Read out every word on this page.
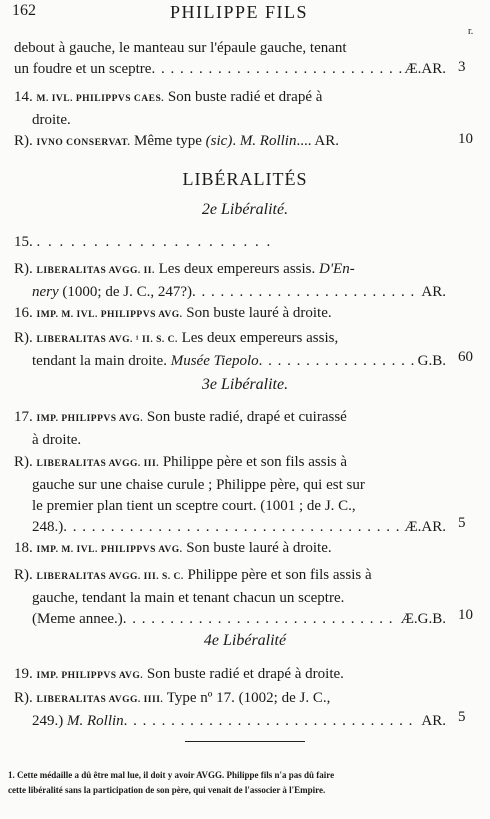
162	PHILIPPE FILS
r.
debout à gauche, le manteau sur l'épaule gauche, tenant
un foudre et un sceptre . . .	Æ.AR. 3
14. M. IVL. PHILIPPVS CAES. Son buste radié et drapé à
droite.
R). IVNO CONSERVAT. Même type (sic). M. Rollin.... AR.	10
LIBÉRALITÉS
2e Libéralité.
15. . . . . . . . . . . . . . . . . . . . . .
R). LIBERALITAS AVGG. II. Les deux empereurs assis. D'En-
nery (1000; de J. C., 247?) . . .	AR.
16. IMP. M. IVL. PHILIPPVS AVG. Son buste lauré à droite.
R). LIBERALITAS AVG. ¹ II. S. C. Les deux empereurs assis,
tendant la main droite. Musée Tiepolo . . .	G.B. 60
3e Libéralite.
17. IMP. PHILIPPVS AVG. Son buste radié, drapé et cuirassé
à droite.
R). LIBERALITAS AVGG. III. Philippe père et son fils assis à
gauche sur une chaise curule ; Philippe père, qui est sur
le premier plan tient un sceptre court. (1001 ; de J. C.,
248.) . . .	Æ.AR. 5
18. IMP. M. IVL. PHILIPPVS AVG. Son buste lauré à droite.
R). LIBERALITAS AVGG. III. S. C. Philippe père et son fils assis à
gauche, tendant la main et tenant chacun un sceptre.
(Meme annee.) . . .	Æ.G.B. 10
4e Libéralité
19. IMP. PHILIPPVS AVG. Son buste radié et drapé à droite.
R). LIBERALITAS AVGG. IIII. Type nº 17. (1002; de J. C.,
249.) M. Rollin . . .	AR. 5
1. Cette médaille a dû être mal lue, il doit y avoir AVGG. Philippe fils n'a pas dû faire
cette libéralité sans la participation de son père, qui venait de l'associer à l'Empire.
